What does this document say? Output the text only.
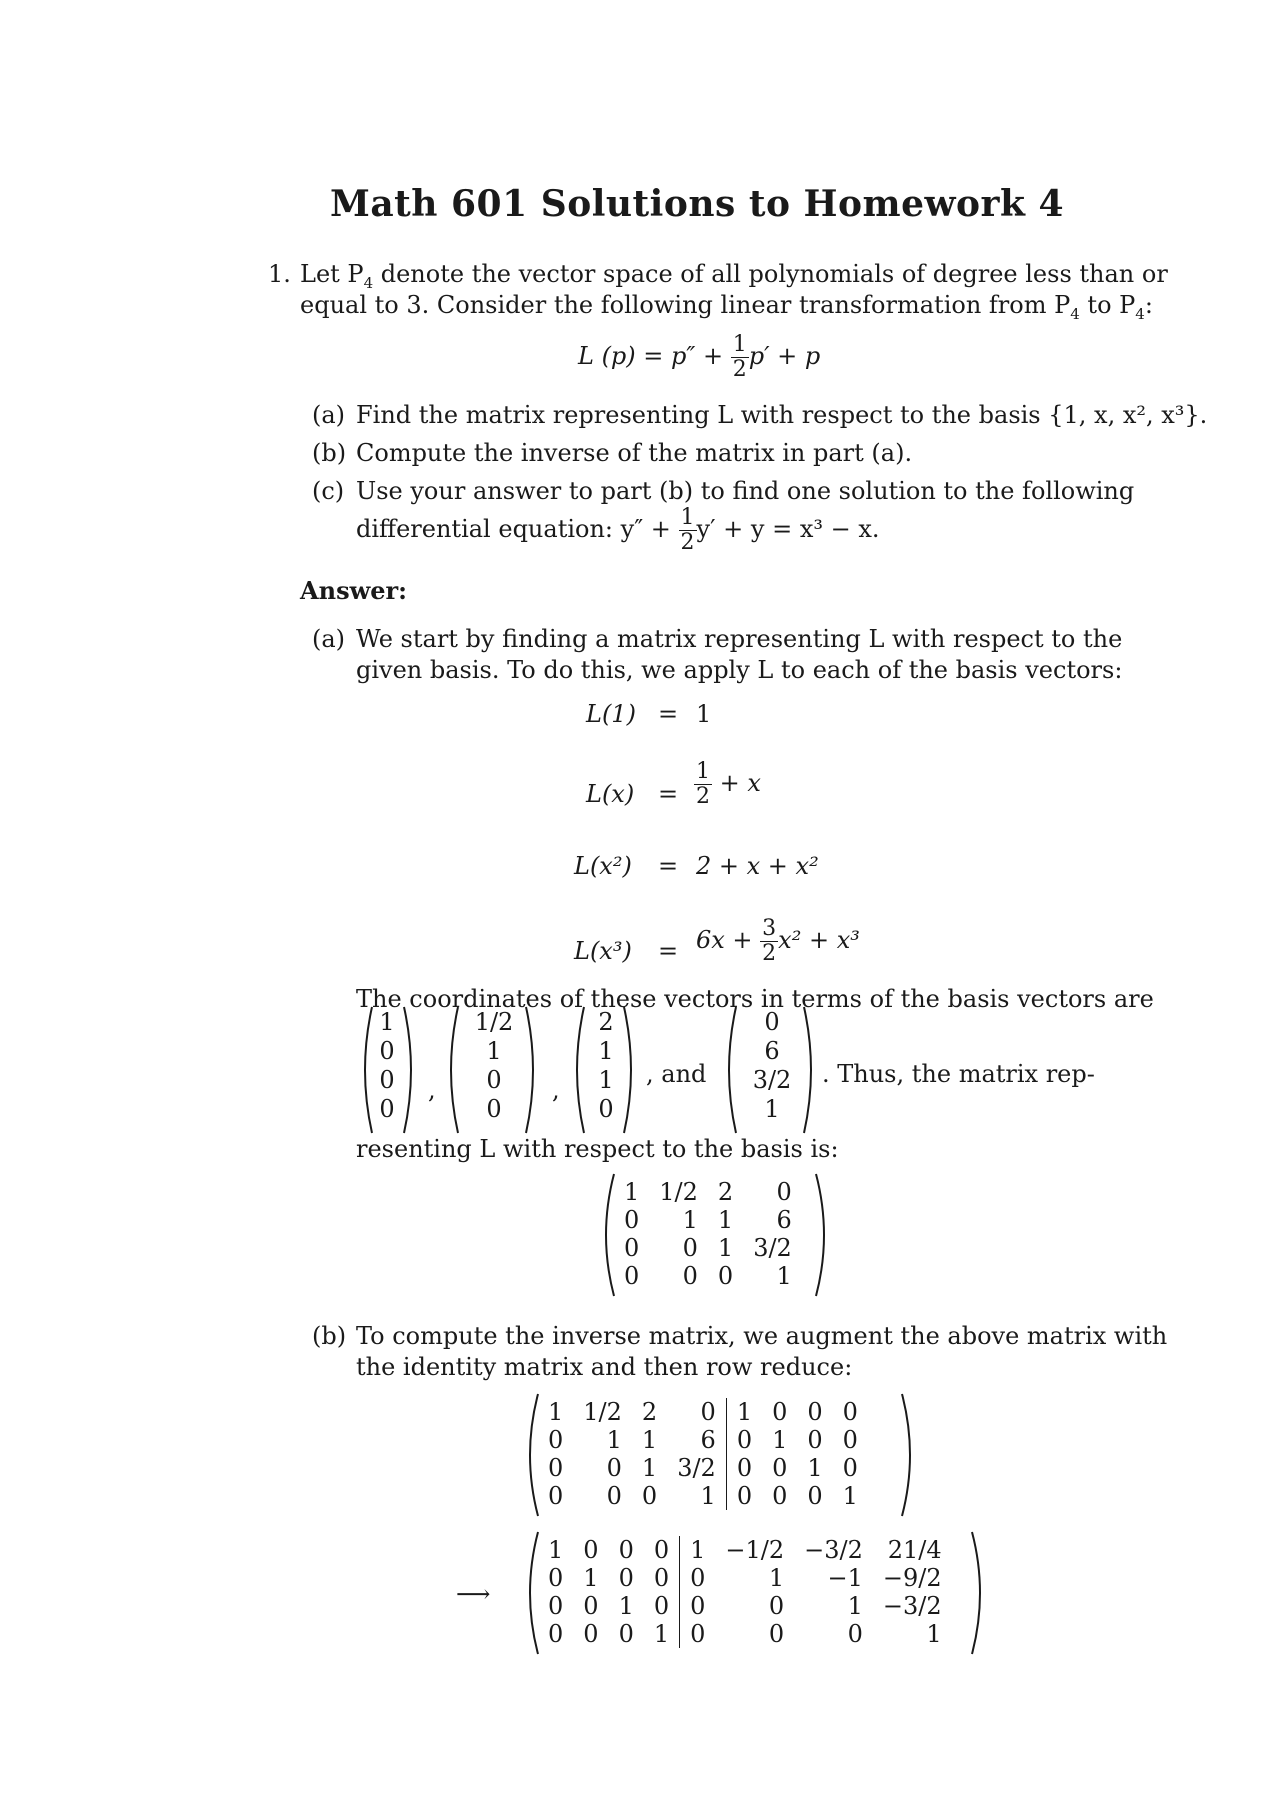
Math 601 Solutions to Homework 4
1. Let $P_4$ denote the vector space of all polynomials of degree less than or
equal to 3. Consider the following linear transformation from $P_4$ to $P_4$:
L $(p) = p'' + \frac{1}{2} p' + p$
(a) Find the matrix representing L with respect to the basis {1, x, x², x³}.
(b) Compute the inverse of the matrix in part (a).
(c) Use your answer to part (b) to find one solution to the following
differential equation: $y'' + \frac{1}{2} y' + y = x^3 - x$.
Answer:
(a) We start by finding a matrix representing L with respect to the
given basis. To do this, we apply L to each of the basis vectors:
L(1) = 1
$L(x) = \frac{1}{2} + x$
L(x²) = 2 + x + x²
$L(x^3) = 6x + \frac{3}{2} x^2 + x^3$
The coordinates of these vectors in terms of the basis vectors are
1
0
0
0
,
1/2
1
0
0
,
2
1
1
0
, and
0
6
3/2
1
. Thus, the matrix rep-
resenting L with respect to the basis is:
1	1/2	2	0
0	1	1	6
0	0	1	3/2
0	0	0	1
(b) To compute the inverse matrix, we augment the above matrix with
the identity matrix and then row reduce:
1	1/2	2	0	1	0	0	0
0	1	1	6	0	1	0	0
0	0	1	3/2	0	0	1	0
0	0	0	1	0	0	0	1
⟶
1	0	0	0	1	−1/2	−3/2	21/4
0	1	0	0	0	1	−1	−9/2
0	0	1	0	0	0	1	−3/2
0	0	0	1	0	0	0	1
